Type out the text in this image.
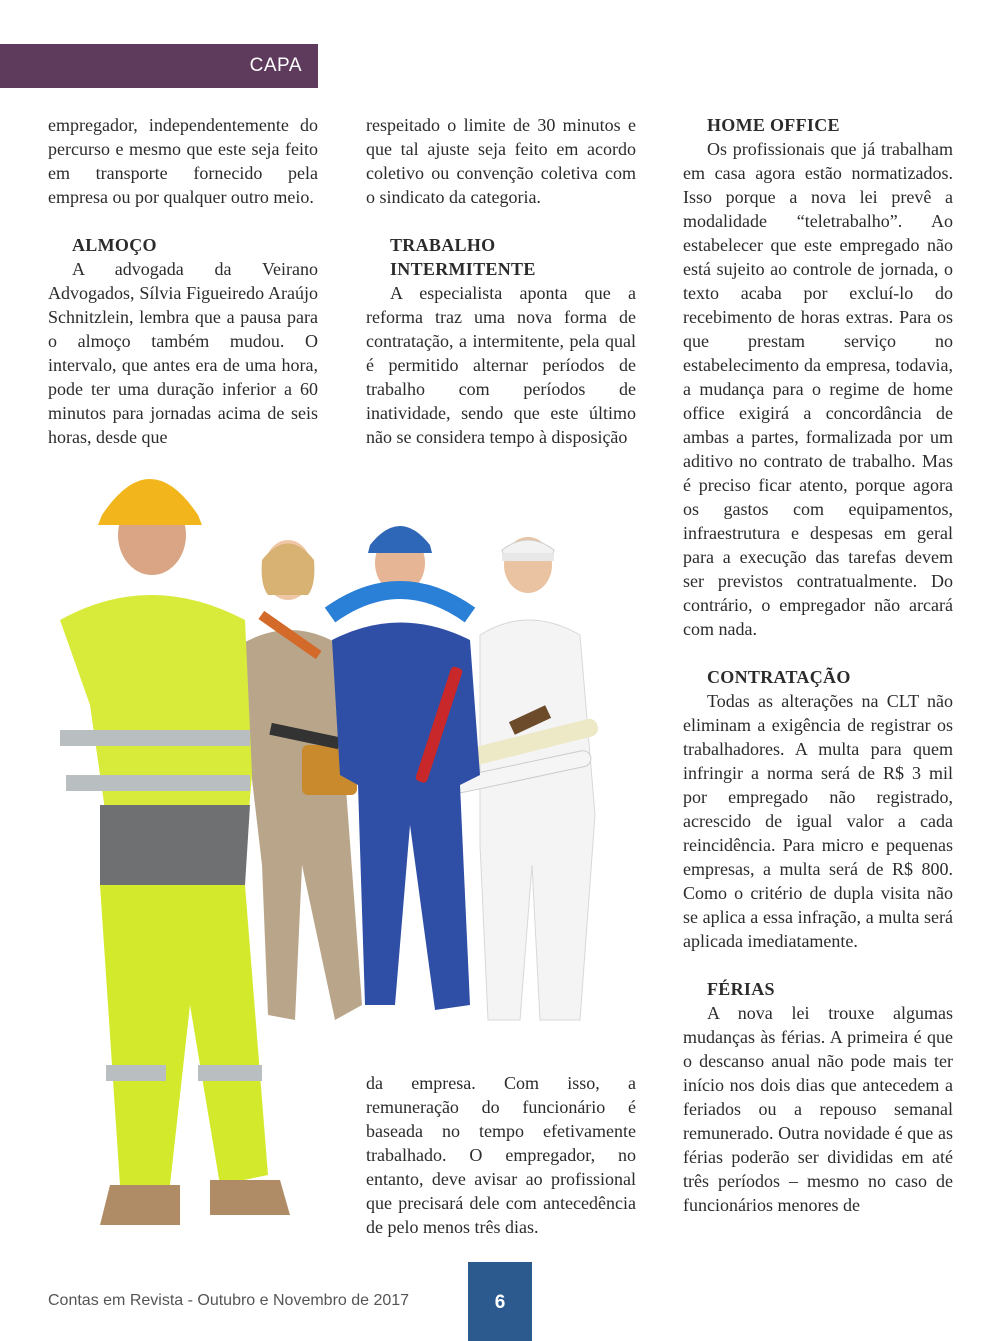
CAPA

empregador, independentemente do percurso e mesmo que este seja feito em transporte fornecido pela empresa ou por qualquer outro meio.

ALMOÇO

A advogada da Veirano Advogados, Sílvia Figueiredo Araújo Schnitzlein, lembra que a pausa para o almoço também mudou. O intervalo, que antes era de uma hora, pode ter uma duração inferior a 60 minutos para jornadas acima de seis horas, desde que

respeitado o limite de 30 minutos e que tal ajuste seja feito em acordo coletivo ou convenção coletiva com o sindicato da categoria.

TRABALHO
INTERMITENTE

A especialista aponta que a reforma traz uma nova forma de contratação, a intermitente, pela qual é permitido alternar períodos de trabalho com períodos de inatividade, sendo que este último não se considera tempo à disposição

da empresa. Com isso, a remuneração do funcionário é baseada no tempo efetivamente trabalhado. O empregador, no entanto, deve avisar ao profissional que precisará dele com antecedência de pelo menos três dias.

HOME OFFICE

Os profissionais que já trabalham em casa agora estão normatizados. Isso porque a nova lei prevê a modalidade “teletrabalho”. Ao estabelecer que este empregado não está sujeito ao controle de jornada, o texto acaba por excluí-lo do recebimento de horas extras. Para os que prestam serviço no estabelecimento da empresa, todavia, a mudança para o regime de home office exigirá a concordância de ambas a partes, formalizada por um aditivo no contrato de trabalho. Mas é preciso ficar atento, porque agora os gastos com equipamentos, infraestrutura e despesas em geral para a execução das tarefas devem ser previstos contratualmente. Do contrário, o empregador não arcará com nada.

CONTRATAÇÃO

Todas as alterações na CLT não eliminam a exigência de registrar os trabalhadores. A multa para quem infringir a norma será de R$ 3 mil por empregado não registrado, acrescido de igual valor a cada reincidência. Para micro e pequenas empresas, a multa será de R$ 800. Como o critério de dupla visita não se aplica a essa infração, a multa será aplicada imediatamente.

FÉRIAS

A nova lei trouxe algumas mudanças às férias. A primeira é que o descanso anual não pode mais ter início nos dois dias que antecedem a feriados ou a repouso semanal remunerado. Outra novidade é que as férias poderão ser divididas em até três períodos – mesmo no caso de funcionários menores de

Contas em Revista - Outubro e Novembro de 2017	6
